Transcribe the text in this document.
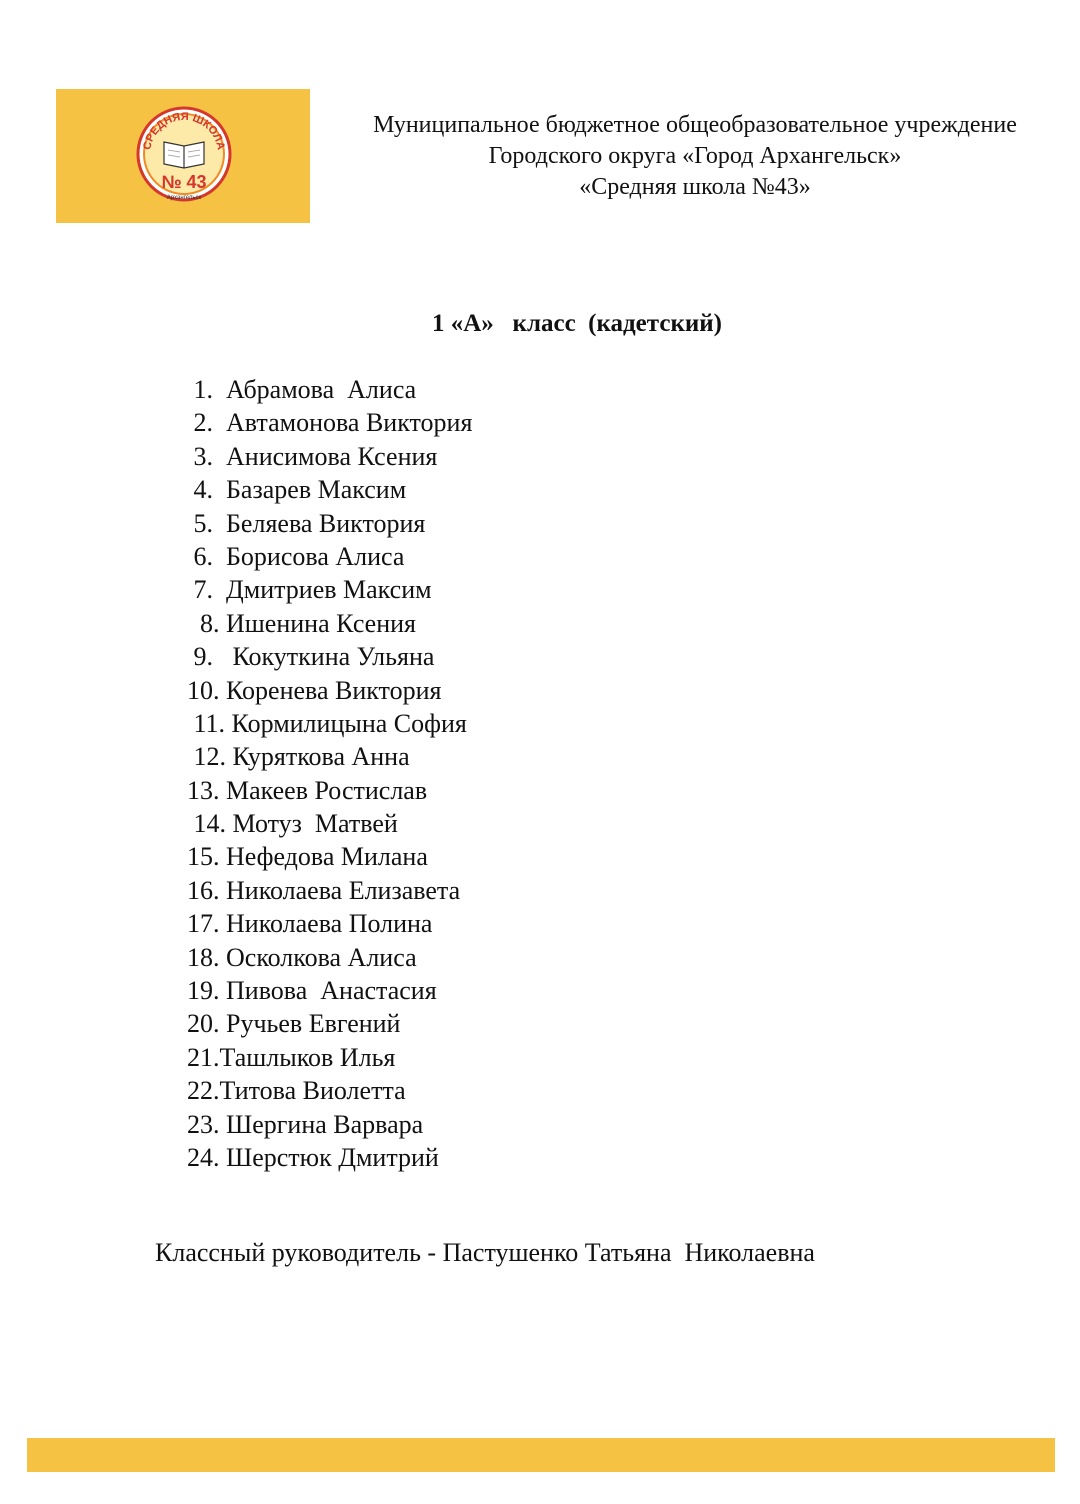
СРЕДНЯЯ ШКОЛА
№ 43
Архангельск
Муниципальное бюджетное общеобразовательное учреждение
Городского округа «Город Архангельск»
«Средняя школа №43»
1 «А»   класс  (кадетский)
1.  Абрамова  Алиса
2.  Автамонова Виктория
3.  Анисимова Ксения
4.  Базарев Максим
5.  Беляева Виктория
6.  Борисова Алиса
7.  Дмитриев Максим
8. Ишенина Ксения
9.   Кокуткина Ульяна
10. Коренева Виктория
11. Кормилицына София
12. Куряткова Анна
13. Макеев Ростислав
14. Мотуз  Матвей
15. Нефедова Милана
16. Николаева Елизавета
17. Николаева Полина
18. Осколкова Алиса
19. Пивова  Анастасия
20. Ручьев Евгений
21.Ташлыков Илья
22.Титова Виолетта
23. Шергина Варвара
24. Шерстюк Дмитрий
Классный руководитель - Пастушенко Татьяна  Николаевна
